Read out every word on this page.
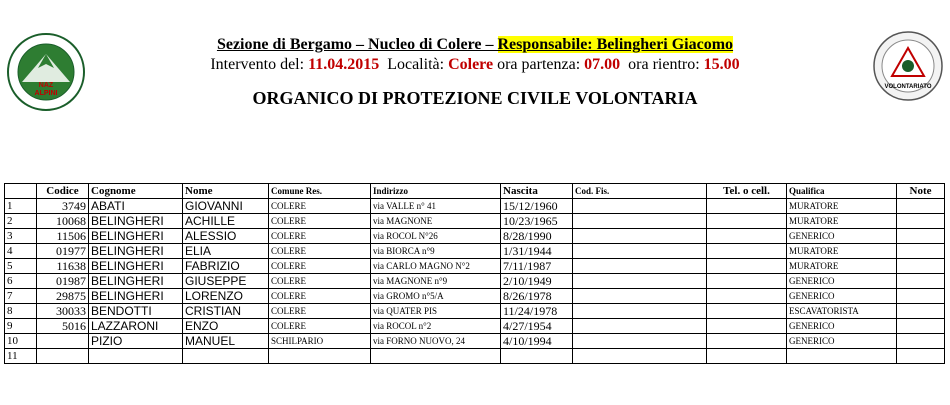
NAZ
ALPINI
VOLONTARIATO
Sezione di Bergamo – Nucleo di Colere – Responsabile: Belingheri Giacomo
Intervento del: 11.04.2015  Località: Colere ora partenza: 07.00  ora rientro: 15.00
ORGANICO DI PROTEZIONE CIVILE VOLONTARIA
	Codice	Cognome	Nome	Comune Res.	Indirizzo	Nascita	Cod. Fis.	Tel. o cell.	Qualifica	Note
1	3749	ABATI	GIOVANNI	COLERE	via VALLE n° 41	15/12/1960			MURATORE	
2	10068	BELINGHERI	ACHILLE	COLERE	via MAGNONE	10/23/1965			MURATORE	
3	11506	BELINGHERI	ALESSIO	COLERE	via ROCOL N°26	8/28/1990			GENERICO	
4	01977	BELINGHERI	ELIA	COLERE	via BIORCA n°9	1/31/1944			MURATORE	
5	11638	BELINGHERI	FABRIZIO	COLERE	via CARLO MAGNO N°2	7/11/1987			MURATORE	
6	01987	BELINGHERI	GIUSEPPE	COLERE	via MAGNONE n°9	2/10/1949			GENERICO	
7	29875	BELINGHERI	LORENZO	COLERE	via GROMO n°5/A	8/26/1978			GENERICO	
8	30033	BENDOTTI	CRISTIAN	COLERE	via QUATER PIS	11/24/1978			ESCAVATORISTA	
9	5016	LAZZARONI	ENZO	COLERE	via ROCOL n°2	4/27/1954			GENERICO	
10		PIZIO	MANUEL	SCHILPARIO	via FORNO NUOVO, 24	4/10/1994			GENERICO	
11										
